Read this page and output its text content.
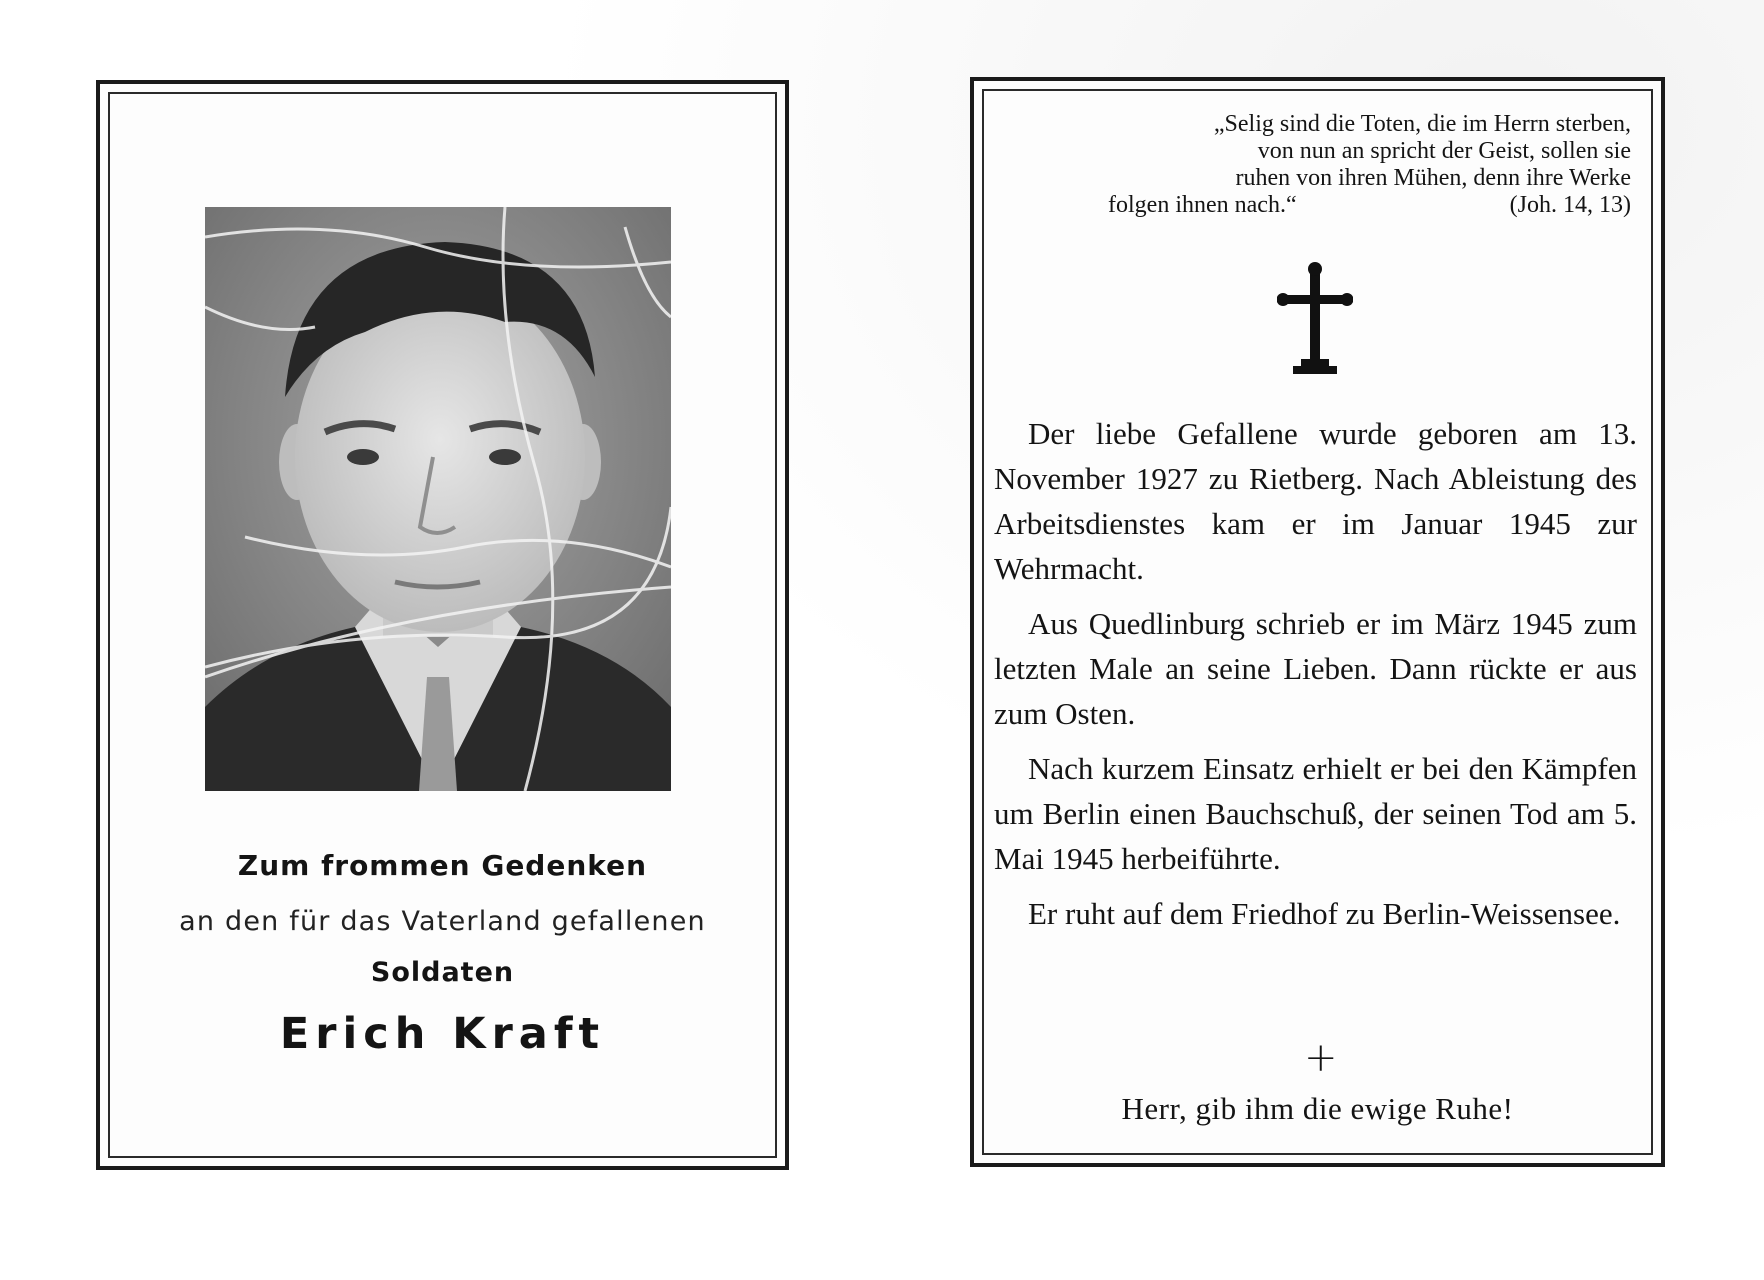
Zum frommen Gedenken
an den für das Vaterland gefallenen
Soldaten
Erich Kraft
„Selig sind die Toten, die im Herrn sterben,
von nun an spricht der Geist, sollen sie
ruhen von ihren Mühen, denn ihre Werke
folgen ihnen nach.“	(Joh. 14, 13)

Der liebe Gefallene wurde geboren am 13. November 1927 zu Rietberg. Nach Ableistung des Arbeitsdienstes kam er im Januar 1945 zur Wehrmacht.

Aus Quedlinburg schrieb er im März 1945 zum letzten Male an seine Lieben. Dann rückte er aus zum Osten.

Nach kurzem Einsatz erhielt er bei den Kämpfen um Berlin einen Bauchschuß, der seinen Tod am 5. Mai 1945 herbeiführte.

Er ruht auf dem Friedhof zu Berlin-Weissensee.

+
Herr, gib ihm die ewige Ruhe!
